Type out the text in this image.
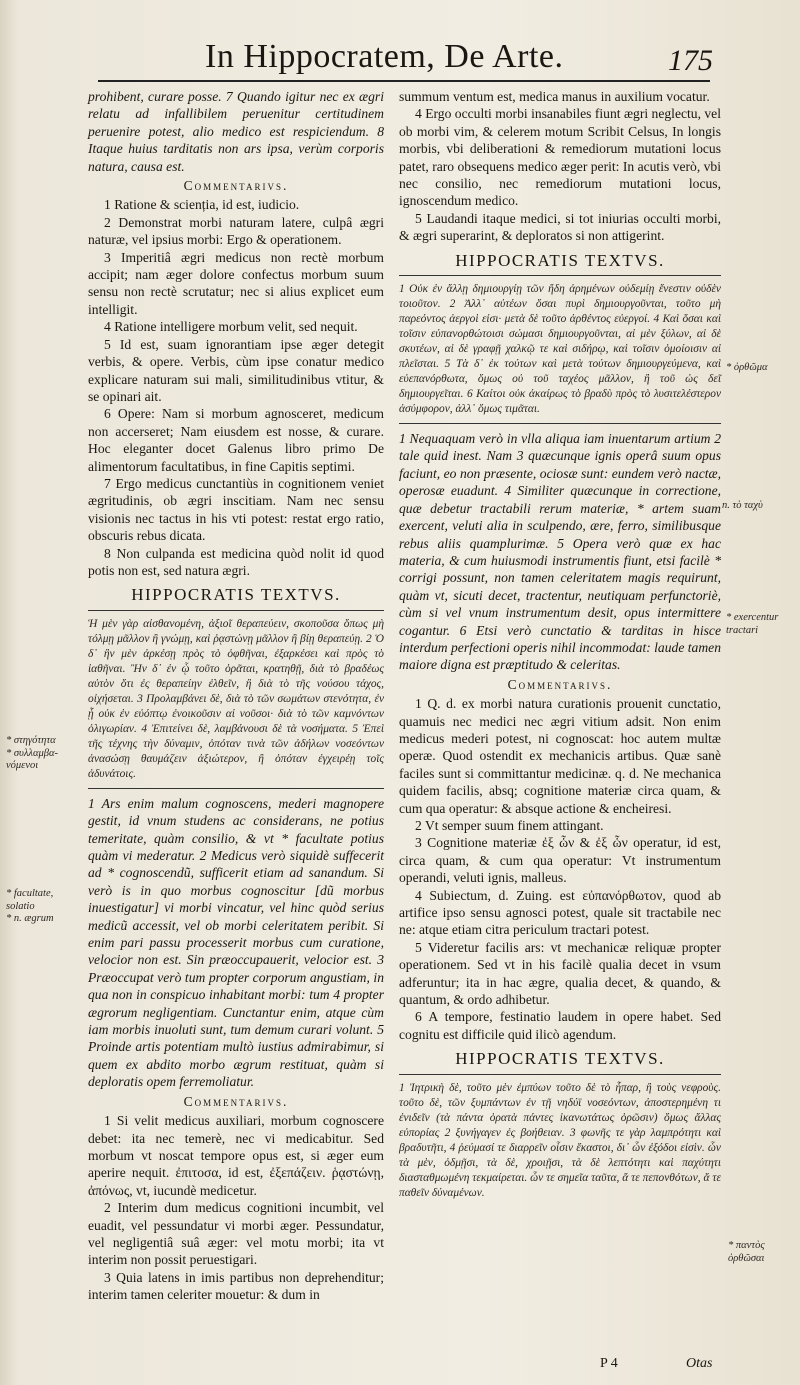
In Hippocratem, De Arte.	175

prohibent, curare posse. 7 Quando igitur nec ex ægri relatu ad infallibilem peruenitur certitudinem peruenire potest, alio medico est respiciendum. 8 Itaque huius tarditatis non ars ipsa, verùm corporis natura, causa est.

Commentarivs.

1 Ratione & scienția, id est, iudicio.

2 Demonstrat morbi naturam latere, culpâ ægri naturæ, vel ipsius morbi: Ergo & operationem.

3 Imperitiâ ægri medicus non rectè morbum accipit; nam æger dolore confectus morbum suum sensu non rectè scrutatur; nec si alius explicet eum intelligit.

4 Ratione intelligere morbum velit, sed nequit.

5 Id est, suam ignorantiam ipse æger detegit verbis, & opere. Verbis, cùm ipse conatur medico explicare naturam sui mali, similitudinibus vtitur, & se opinari ait.

6 Opere: Nam si morbum agnosceret, medicum non accerseret; Nam eiusdem est nosse, & curare. Hoc eleganter docet Galenus libro primo De alimentorum facultatibus, in fine Capitis septimi.

7 Ergo medicus cunctantiùs in cognitionem veniet ægritudinis, ob ægri inscitiam. Nam nec sensu visionis nec tactus in his vti potest: restat ergo ratio, obscuris rebus dicata.

8 Non culpanda est medicina quòd nolit id quod potis non est, sed natura ægri.

HIPPOCRATIS TEXTVS.

Ἡ μὲν γὰρ αἰσθανομένη, ἀξιοῖ θεραπεύειν, σκοποῦσα ὅπως μὴ τόλμῃ μᾶλλον ἢ γνώμῃ, καὶ ῥᾳστώνῃ μᾶλλον ἢ βίῃ θεραπεύῃ. 2 Ὁ δ᾽ ἢν μὲν ἀρκέσῃ πρὸς τὸ ὀφθῆναι, ἐξαρκέσει καὶ πρὸς τὸ ἰαθῆναι. Ἢν δ᾽ ἐν ᾧ τοῦτο ὁρᾶται, κρατηθῇ, διὰ τὸ βραδέως αὐτὸν ὅτι ἐς θεραπείην ἐλθεῖν, ἢ διὰ τὸ τῆς νούσου τάχος, οἰχήσεται. 3 Προλαμβάνει δὲ, διὰ τὸ τῶν σωμάτων στενότητα, ἐν ᾗ οὐκ ἐν εὐόπτῳ ἐνοικοῦσιν αἱ νοῦσοι· διὰ τὸ τῶν καμνόντων ὀλιγωρίαν. 4 Ἐπιτείνει δὲ, λαμβάνουσι δὲ τὰ νοσήματα. 5 Ἐπεὶ τῆς τέχνης τὴν δύναμιν, ὁπόταν τινὰ τῶν ἀδήλων νοσεόντων ἀνασώσῃ θαυμάζειν ἀξιώτερον, ἢ ὁπόταν ἐγχειρέῃ τοῖς ἀδυνάτοις.

1 Ars enim malum cognoscens, mederi magnopere gestit, id vnum studens ac considerans, ne potius temeritate, quàm consilio, & vt * facultate potius quàm vi mederatur. 2 Medicus verò siquidè suffecerit ad * cognoscendũ, sufficerit etiam ad sanandum. Si verò is in quo morbus cognoscitur [dũ morbus inuestigatur] vi morbi vincatur, vel hinc quòd serius medicũ accessit, vel ob morbi celeritatem peribit. Si enim pari passu processerit morbus cum curatione, velocior non est. Sin præoccupauerit, velocior est. 3 Præoccupat verò tum propter corporum angustiam, in qua non in conspicuo inhabitant morbi: tum 4 propter ægrorum negligentiam. Cunctantur enim, atque cùm iam morbis inuoluti sunt, tum demum curari volunt. 5 Proinde artis potentiam multò iustius admirabimur, si quem ex abdito morbo ægrum restituat, quàm si deploratis opem ferremoliatur.

Commentarivs.

1 Si velit medicus auxiliari, morbum cognoscere debet: ita nec temerè, nec vi medicabitur. Sed morbum vt noscat tempore opus est, si æger eum aperire nequit. ἐπιτοσα, id est, ἐξεπάζειν. ῥᾳστώνῃ, ἀπόνως, vt, iucundè medicetur.

2 Interim dum medicus cognitioni incumbit, vel euadit, vel pessundatur vi morbi æger. Pessundatur, vel negligentiâ suâ æger: vel motu morbi; ita vt interim non possit peruestigari.

3 Quia latens in imis partibus non deprehenditur; interim tamen celeriter mouetur: & dum in

summum ventum est, medica manus in auxilium vocatur.

4 Ergo occulti morbi insanabiles fiunt ægri neglectu, vel ob morbi vim, & celerem motum Scribit Celsus, In longis morbis, vbi deliberationi & remediorum mutationi locus patet, raro obsequens medico æger perit: In acutis verò, vbi nec consilio, nec remediorum mutationi locus, ignoscendum medico.

5 Laudandi itaque medici, si tot iniurias occulti morbi, & ægri superarint, & deploratos si non attigerint.

HIPPOCRATIS TEXTVS.

1 Οὐκ ἐν ἄλλῃ δημιουργίῃ τῶν ἤδη ἀρημένων οὐδεμίῃ ἔνεστιν οὐδὲν τοιοῦτον. 2 Ἀλλ᾽ αὐτέων ὅσαι πυρὶ δημιουργοῦνται, τοῦτο μὴ παρεόντος ἀεργοὶ εἰσι· μετὰ δὲ τοῦτο ἀρθέντος εὐεργοί. 4 Καὶ ὅσαι καὶ τοῖσιν εὐπανορθώτοισι σώμασι δημιουργοῦνται, αἱ μὲν ξύλων, αἱ δὲ σκυτέων, αἱ δὲ γραφῇ χαλκῷ τε καὶ σιδήρῳ, καὶ τοῖσιν ὁμοίοισιν αἱ πλεῖσται. 5 Τὰ δ᾽ ἐκ τούτων καὶ μετὰ τούτων δημιουργεύμενα, καὶ εὐεπανόρθωτα, ὅμως οὐ τοῦ ταχέος μᾶλλον, ἢ τοῦ ὡς δεῖ δημιουργεῖται. 6 Καίτοι οὐκ ἀκαίρως τὸ βραδὺ πρὸς τὸ λυσιτελέστερον ἀσύμφορον, ἀλλ᾽ ὅμως τιμᾶται.

1 Nequaquam verò in vlla aliqua iam inuentarum artium 2 tale quid inest. Nam 3 quæcunque ignis operâ suum opus faciunt, eo non præsente, ociosæ sunt: eundem verò nactæ, operosæ euadunt. 4 Similiter quæcunque in correctione, quæ debetur tractabili rerum materiæ, * artem suam exercent, veluti alia in sculpendo, ære, ferro, similibusque rebus aliis quamplurimæ. 5 Opera verò quæ ex hac materia, & cum huiusmodi instrumentis fiunt, etsi facilè * corrigi possunt, non tamen celeritatem magis requirunt, quàm vt, sicuti decet, tractentur, neutiquam perfunctoriè, cùm si vel vnum instrumentum desit, opus intermittere cogantur. 6 Etsi verò cunctatio & tarditas in hisce interdum perfectioni operis nihil incommodat: laude tamen maiore digna est præptitudo & celeritas.

Commentarivs.

1 Q. d. ex morbi natura curationis prouenit cunctatio, quamuis nec medici nec ægri vitium adsit. Non enim medicus mederi potest, ni cognoscat: hoc autem multæ operæ. Quod ostendit ex mechanicis artibus. Quæ sanè faciles sunt si committantur medicinæ. q. d. Ne mechanica quidem facilis, absq; cognitione materiæ circa quam, & cum qua operatur: & absque actione & encheiresi.

2 Vt semper suum finem attingant.

3 Cognitione materiæ ἐξ ὧν & ἐξ ὧν operatur, id est, circa quam, & cum qua operatur: Vt instrumentum operandi, veluti ignis, malleus.

4 Subiectum, d. Zuing. est εὐπανόρθωτον, quod ab artifice ipso sensu agnosci potest, quale sit tractabile nec ne: atque etiam citra periculum tractari potest.

5 Videretur facilis ars: vt mechanicæ reliquæ propter operationem. Sed vt in his facilè qualia decet in vsum adferuntur; ita in hac ægre, qualia decet, & quando, & quantum, & ordo adhibetur.

6 A tempore, festinatio laudem in opere habet. Sed cognitu est difficile quid ilicò agendum.

HIPPOCRATIS TEXTVS.

1 Ἰητρικὴ δὲ, τοῦτο μὲν ἐμπύων τοῦτο δὲ τὸ ἧπαρ, ἢ τοὺς νεφροὺς. τοῦτο δὲ, τῶν ξυμπάντων ἐν τῇ νηδύϊ νοσεόντων, ἀποστερημένη τι ἐνιδεῖν (τὰ πάντα ὁρατὰ πάντες ἱκανωτάτως ὁρῶσιν) ὅμως ἄλλας εὐπορίας 2 ξυνήγαγεν ἐς βοήθειαν. 3 φωνῆς τε γὰρ λαμπρότητι καὶ βραδυτῆτι, 4 ῥεύμασί τε διαρρεῖν οἷσιν ἕκαστοι, δι᾽ ὧν ἐξόδοι εἰσὶν. ὧν τὰ μὲν, ὀδμῇσι, τὰ δὲ, χροιῇσι, τὰ δὲ λεπτότητι καὶ παχύτητι διασταθμωμένη τεκμαίρεται. ὧν τε σημεῖα ταῦτα, ἅ τε πεπονθότων, ἅ τε παθεῖν δύναμένων.

* στηγότητα
* συλλαμβα-
νόμενοι
* facultate,
solatio
* n. ægrum
* ὀρθῶμα
n. τὸ ταχὺ
* exercentur
tractari
* παντὸς
ὀρθῶσαι
P 4	Otas
